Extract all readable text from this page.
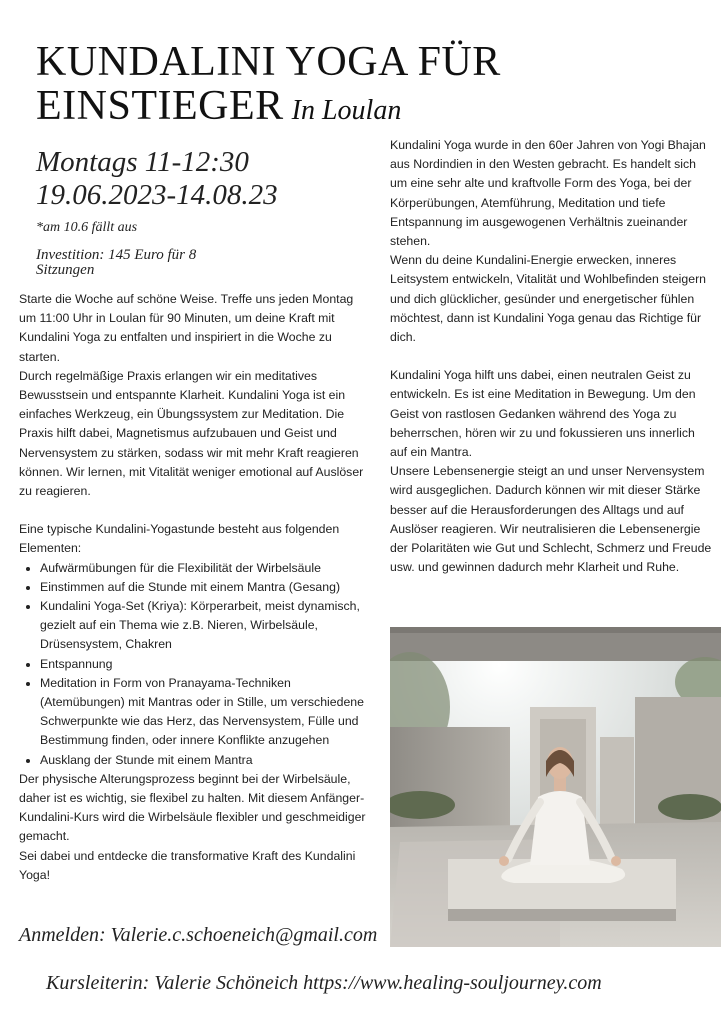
KUNDALINI YOGA FÜR
EINSTIEGER In Loulan
Montags 11-12:30
19.06.2023-14.08.23
*am 10.6 fällt aus
Investition: 145 Euro für 8 Sitzungen

Starte die Woche auf schöne Weise. Treffe uns jeden Montag um 11:00 Uhr in Loulan für 90 Minuten, um deine Kraft mit Kundalini Yoga zu entfalten und inspiriert in die Woche zu starten.

Durch regelmäßige Praxis erlangen wir ein meditatives Bewusstsein und entspannte Klarheit. Kundalini Yoga ist ein einfaches Werkzeug, ein Übungssystem zur Meditation. Die Praxis hilft dabei, Magnetismus aufzubauen und Geist und Nervensystem zu stärken, sodass wir mit mehr Kraft reagieren können. Wir lernen, mit Vitalität weniger emotional auf Auslöser zu reagieren.

Eine typische Kundalini-Yogastunde besteht aus folgenden Elementen:

• Aufwärmübungen für die Flexibilität der Wirbelsäule
• Einstimmen auf die Stunde mit einem Mantra (Gesang)
• Kundalini Yoga-Set (Kriya): Körperarbeit, meist dynamisch, gezielt auf ein Thema wie z.B. Nieren, Wirbelsäule, Drüsensystem, Chakren
• Entspannung
• Meditation in Form von Pranayama-Techniken (Atemübungen) mit Mantras oder in Stille, um verschiedene Schwerpunkte wie das Herz, das Nervensystem, Fülle und Bestimmung finden, oder innere Konflikte anzugehen
• Ausklang der Stunde mit einem Mantra

Der physische Alterungsprozess beginnt bei der Wirbelsäule, daher ist es wichtig, sie flexibel zu halten. Mit diesem Anfänger-Kundalini-Kurs wird die Wirbelsäule flexibler und geschmeidiger gemacht.

Sei dabei und entdecke die transformative Kraft des Kundalini Yoga!

Kundalini Yoga wurde in den 60er Jahren von Yogi Bhajan aus Nordindien in den Westen gebracht. Es handelt sich um eine sehr alte und kraftvolle Form des Yoga, bei der Körperübungen, Atemführung, Meditation und tiefe Entspannung im ausgewogenen Verhältnis zueinander stehen.

Wenn du deine Kundalini-Energie erwecken, inneres Leitsystem entwickeln, Vitalität und Wohlbefinden steigern und dich glücklicher, gesünder und energetischer fühlen möchtest, dann ist Kundalini Yoga genau das Richtige für dich.

Kundalini Yoga hilft uns dabei, einen neutralen Geist zu entwickeln. Es ist eine Meditation in Bewegung. Um den Geist von rastlosen Gedanken während des Yoga zu beherrschen, hören wir zu und fokussieren uns innerlich auf ein Mantra.

Unsere Lebensenergie steigt an und unser Nervensystem wird ausgeglichen. Dadurch können wir mit dieser Stärke besser auf die Herausforderungen des Alltags und auf Auslöser reagieren. Wir neutralisieren die Lebensenergie der Polaritäten wie Gut und Schlecht, Schmerz und Freude usw. und gewinnen dadurch mehr Klarheit und Ruhe.

Anmelden: Valerie.c.schoeneich@gmail.com
Kursleiterin: Valerie Schöneich https://www.healing-souljourney.com
